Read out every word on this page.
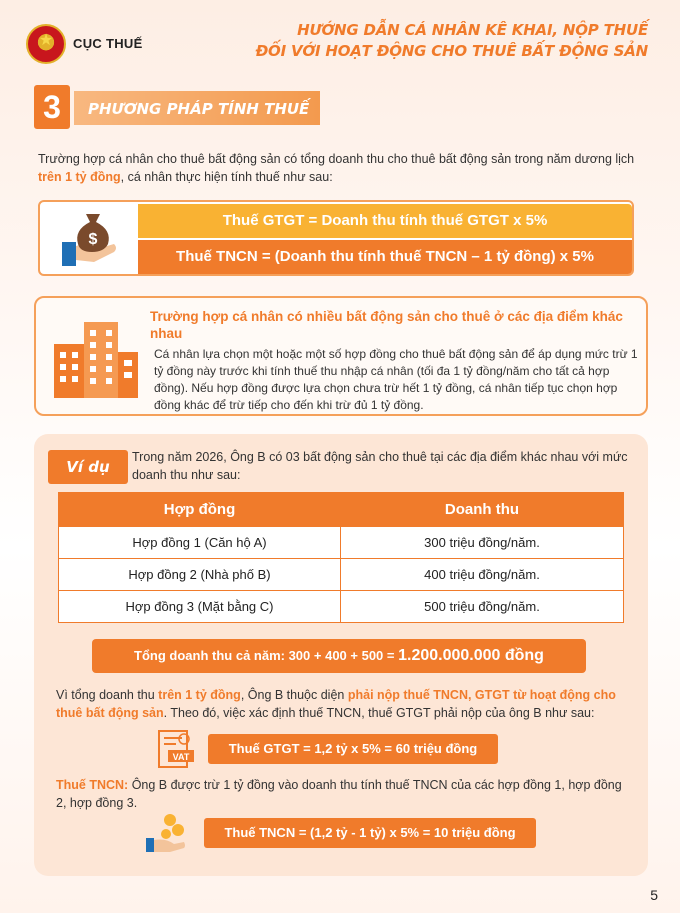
★	CỤC THUẾ
HƯỚNG DẪN CÁ NHÂN KÊ KHAI, NỘP THUẾ
ĐỐI VỚI HOẠT ĐỘNG CHO THUÊ BẤT ĐỘNG SẢN
3	PHƯƠNG PHÁP TÍNH THUẾ

Trường hợp cá nhân cho thuê bất động sản có tổng doanh thu cho thuê bất động sản trong năm dương lịch trên 1 tỷ đồng, cá nhân thực hiện tính thuế như sau:

$
Thuế GTGT = Doanh thu tính thuế GTGT x 5%
Thuế TNCN = (Doanh thu tính thuế TNCN – 1 tỷ đồng) x 5%
Trường hợp cá nhân có nhiều bất động sản cho thuê ở các địa điểm khác nhau

Cá nhân lựa chọn một hoặc một số hợp đồng cho thuê bất động sản để áp dụng mức trừ 1 tỷ đồng này trước khi tính thuế thu nhập cá nhân (tối đa 1 tỷ đồng/năm cho tất cả hợp đồng). Nếu hợp đồng được lựa chọn chưa trừ hết 1 tỷ đồng, cá nhân tiếp tục chọn hợp đồng khác để trừ tiếp cho đến khi trừ đủ 1 tỷ đồng.

Ví dụ

Trong năm 2026, Ông B có 03 bất động sản cho thuê tại các địa điểm khác nhau với mức doanh thu như sau:

Hợp đồng	Doanh thu
Hợp đồng 1 (Căn hộ A)	300 triệu đồng/năm.
Hợp đồng 2 (Nhà phố B)	400 triệu đồng/năm.
Hợp đồng 3 (Mặt bằng C)	500 triệu đồng/năm.
Tổng doanh thu cả năm: 300 + 400 + 500 = 1.200.000.000 đồng

Vì tổng doanh thu trên 1 tỷ đồng, Ông B thuộc diện phải nộp thuế TNCN, GTGT từ hoạt động cho thuê bất động sản. Theo đó, việc xác định thuế TNCN, thuế GTGT phải nộp của ông B như sau:

VAT
Thuế GTGT = 1,2 tỷ x 5% = 60 triệu đồng

Thuế TNCN: Ông B được trừ 1 tỷ đồng vào doanh thu tính thuế TNCN của các hợp đồng 1, hợp đồng 2, hợp đồng 3.

Thuế TNCN = (1,2 tỷ - 1 tỷ) x 5% = 10 triệu đồng
5
